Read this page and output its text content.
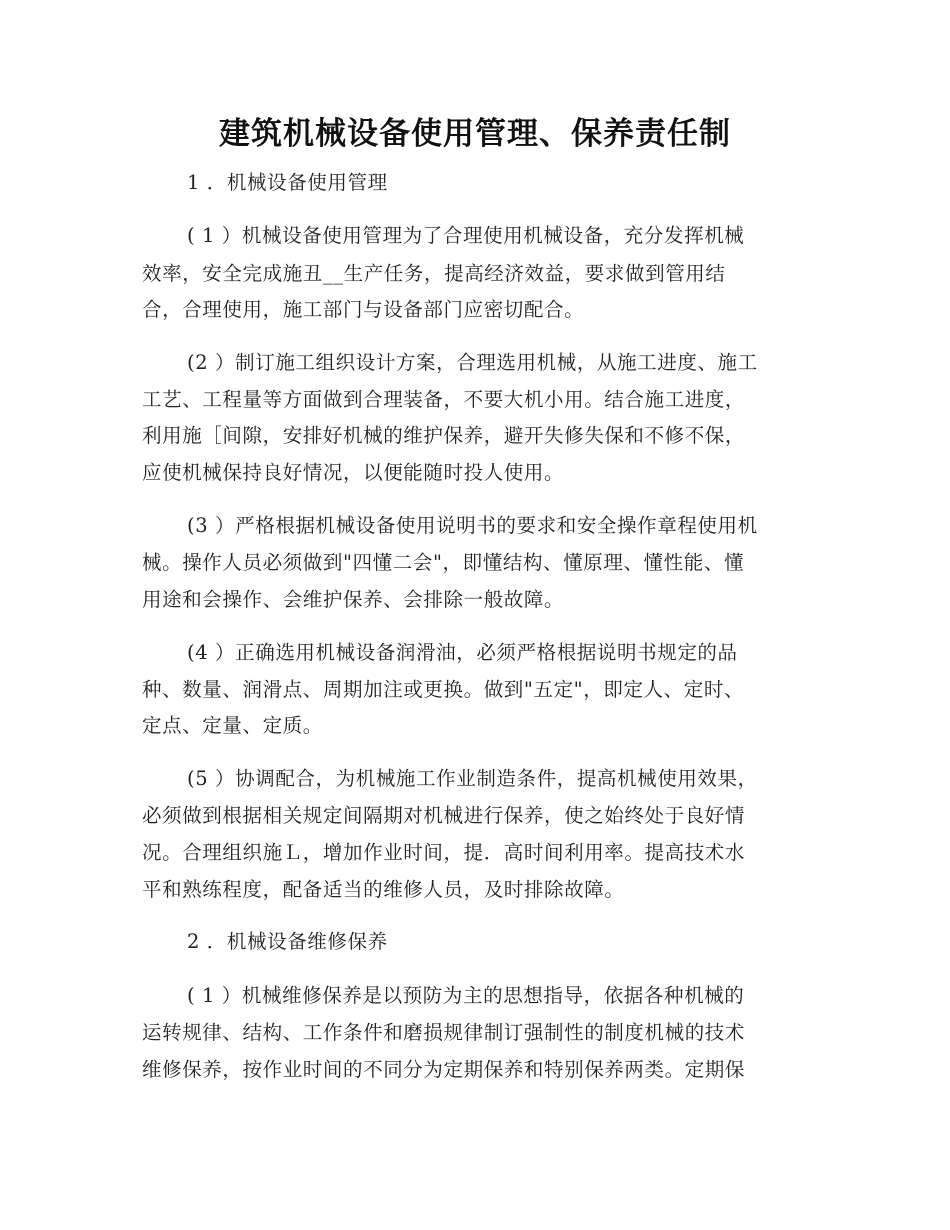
建筑机械设备使用管理、保养责任制

1 ．机械设备使用管理

( 1 ）机械设备使用管理为了合理使用机械设备，充分发挥机械

效率，安全完成施丑__生产任务，提高经济效益，要求做到管用结

合，合理使用，施工部门与设备部门应密切配合。

(2 ）制订施工组织设计方案，合理选用机械，从施工进度、施工

工艺、工程量等方面做到合理装备，不要大机小用。结合施工进度，

利用施［间隙，安排好机械的维护保养，避开失修失保和不修不保，

应使机械保持良好情况，以便能随时投人使用。

(3 ）严格根据机械设备使用说明书的要求和安全操作章程使用机

械。操作人员必须做到"四懂二会"，即懂结构、懂原理、懂性能、懂

用途和会操作、会维护保养、会排除一般故障。

(4 ）正确选用机械设备润滑油，必须严格根据说明书规定的品

种、数量、润滑点、周期加注或更换。做到"五定"，即定人、定时、

定点、定量、定质。

(5 ）协调配合，为机械施工作业制造条件，提高机械使用效果，

必须做到根据相关规定间隔期对机械进行保养，使之始终处于良好情

况。合理组织施Ｌ，增加作业时间，提．高时间利用率。提高技术水

平和熟练程度，配备适当的维修人员，及时排除故障。

2 ．机械设备维修保养

( 1 ）机械维修保养是以预防为主的思想指导，依据各种机械的

运转规律、结构、工作条件和磨损规律制订强制性的制度机械的技术

维修保养，按作业时间的不同分为定期保养和特别保养两类。定期保
